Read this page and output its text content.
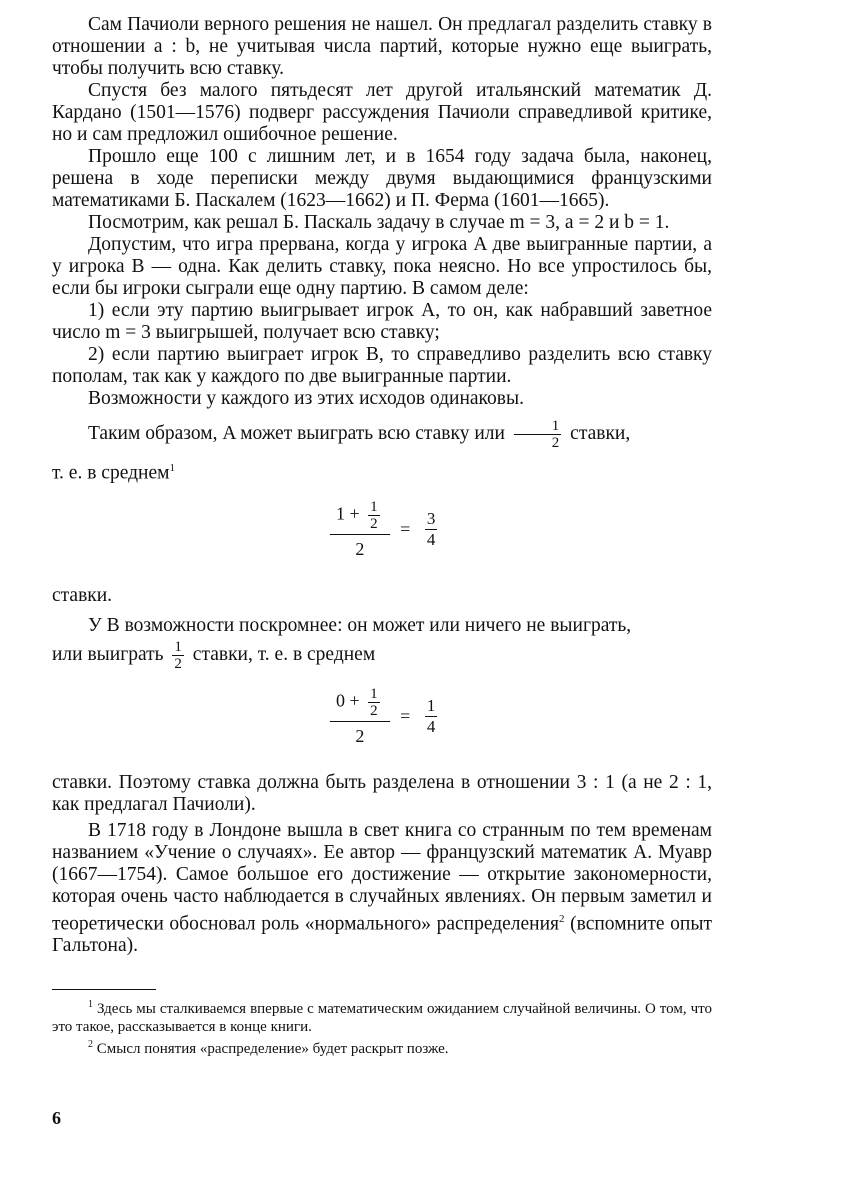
Сам Пачиоли верного решения не нашел. Он предлагал разделить ставку в отношении a : b, не учитывая числа партий, которые нужно еще выиграть, чтобы получить всю ставку.

Спустя без малого пятьдесят лет другой итальянский математик Д. Кардано (1501—1576) подверг рассуждения Пачиоли справедливой критике, но и сам предложил ошибочное решение.

Прошло еще 100 с лишним лет, и в 1654 году задача была, наконец, решена в ходе переписки между двумя выдающимися французскими математиками Б. Паскалем (1623—1662) и П. Ферма (1601—1665).

Посмотрим, как решал Б. Паскаль задачу в случае m = 3, a = 2 и b = 1.

Допустим, что игра прервана, когда у игрока A две выигранные партии, а у игрока B — одна. Как делить ставку, пока неясно. Но все упростилось бы, если бы игроки сыграли еще одну партию. В самом деле:

1) если эту партию выигрывает игрок A, то он, как набравший заветное число m = 3 выигрышей, получает всю ставку;

2) если партию выиграет игрок B, то справедливо разделить всю ставку пополам, так как у каждого по две выигранные партии.

Возможности у каждого из этих исходов одинаковы.

Таким образом, A может выиграть всю ставку или $\frac{1}{2}$ ставки,

т. е. в среднем$^1$

$\frac{1 + \frac{1}{2}}{2} = \frac{3}{4}$

ставки.

У B возможности поскромнее: он может или ничего не выиграть,

или выиграть $\frac{1}{2}$ ставки, т. е. в среднем

$\frac{0 + \frac{1}{2}}{2} = \frac{1}{4}$

ставки. Поэтому ставка должна быть разделена в отношении 3 : 1 (а не 2 : 1, как предлагал Пачиоли).

В 1718 году в Лондоне вышла в свет книга со странным по тем временам названием «Учение о случаях». Ее автор — французский математик А. Муавр (1667—1754). Самое большое его достижение — открытие закономерности, которая очень часто наблюдается в случайных явлениях. Он первым заметил и теоретически обосновал роль «нормального» распределения$^2$ (вспомните опыт Гальтона).

$^1$ Здесь мы сталкиваемся впервые с математическим ожиданием случайной величины. О том, что это такое, рассказывается в конце книги.

$^2$ Смысл понятия «распределение» будет раскрыт позже.

6
